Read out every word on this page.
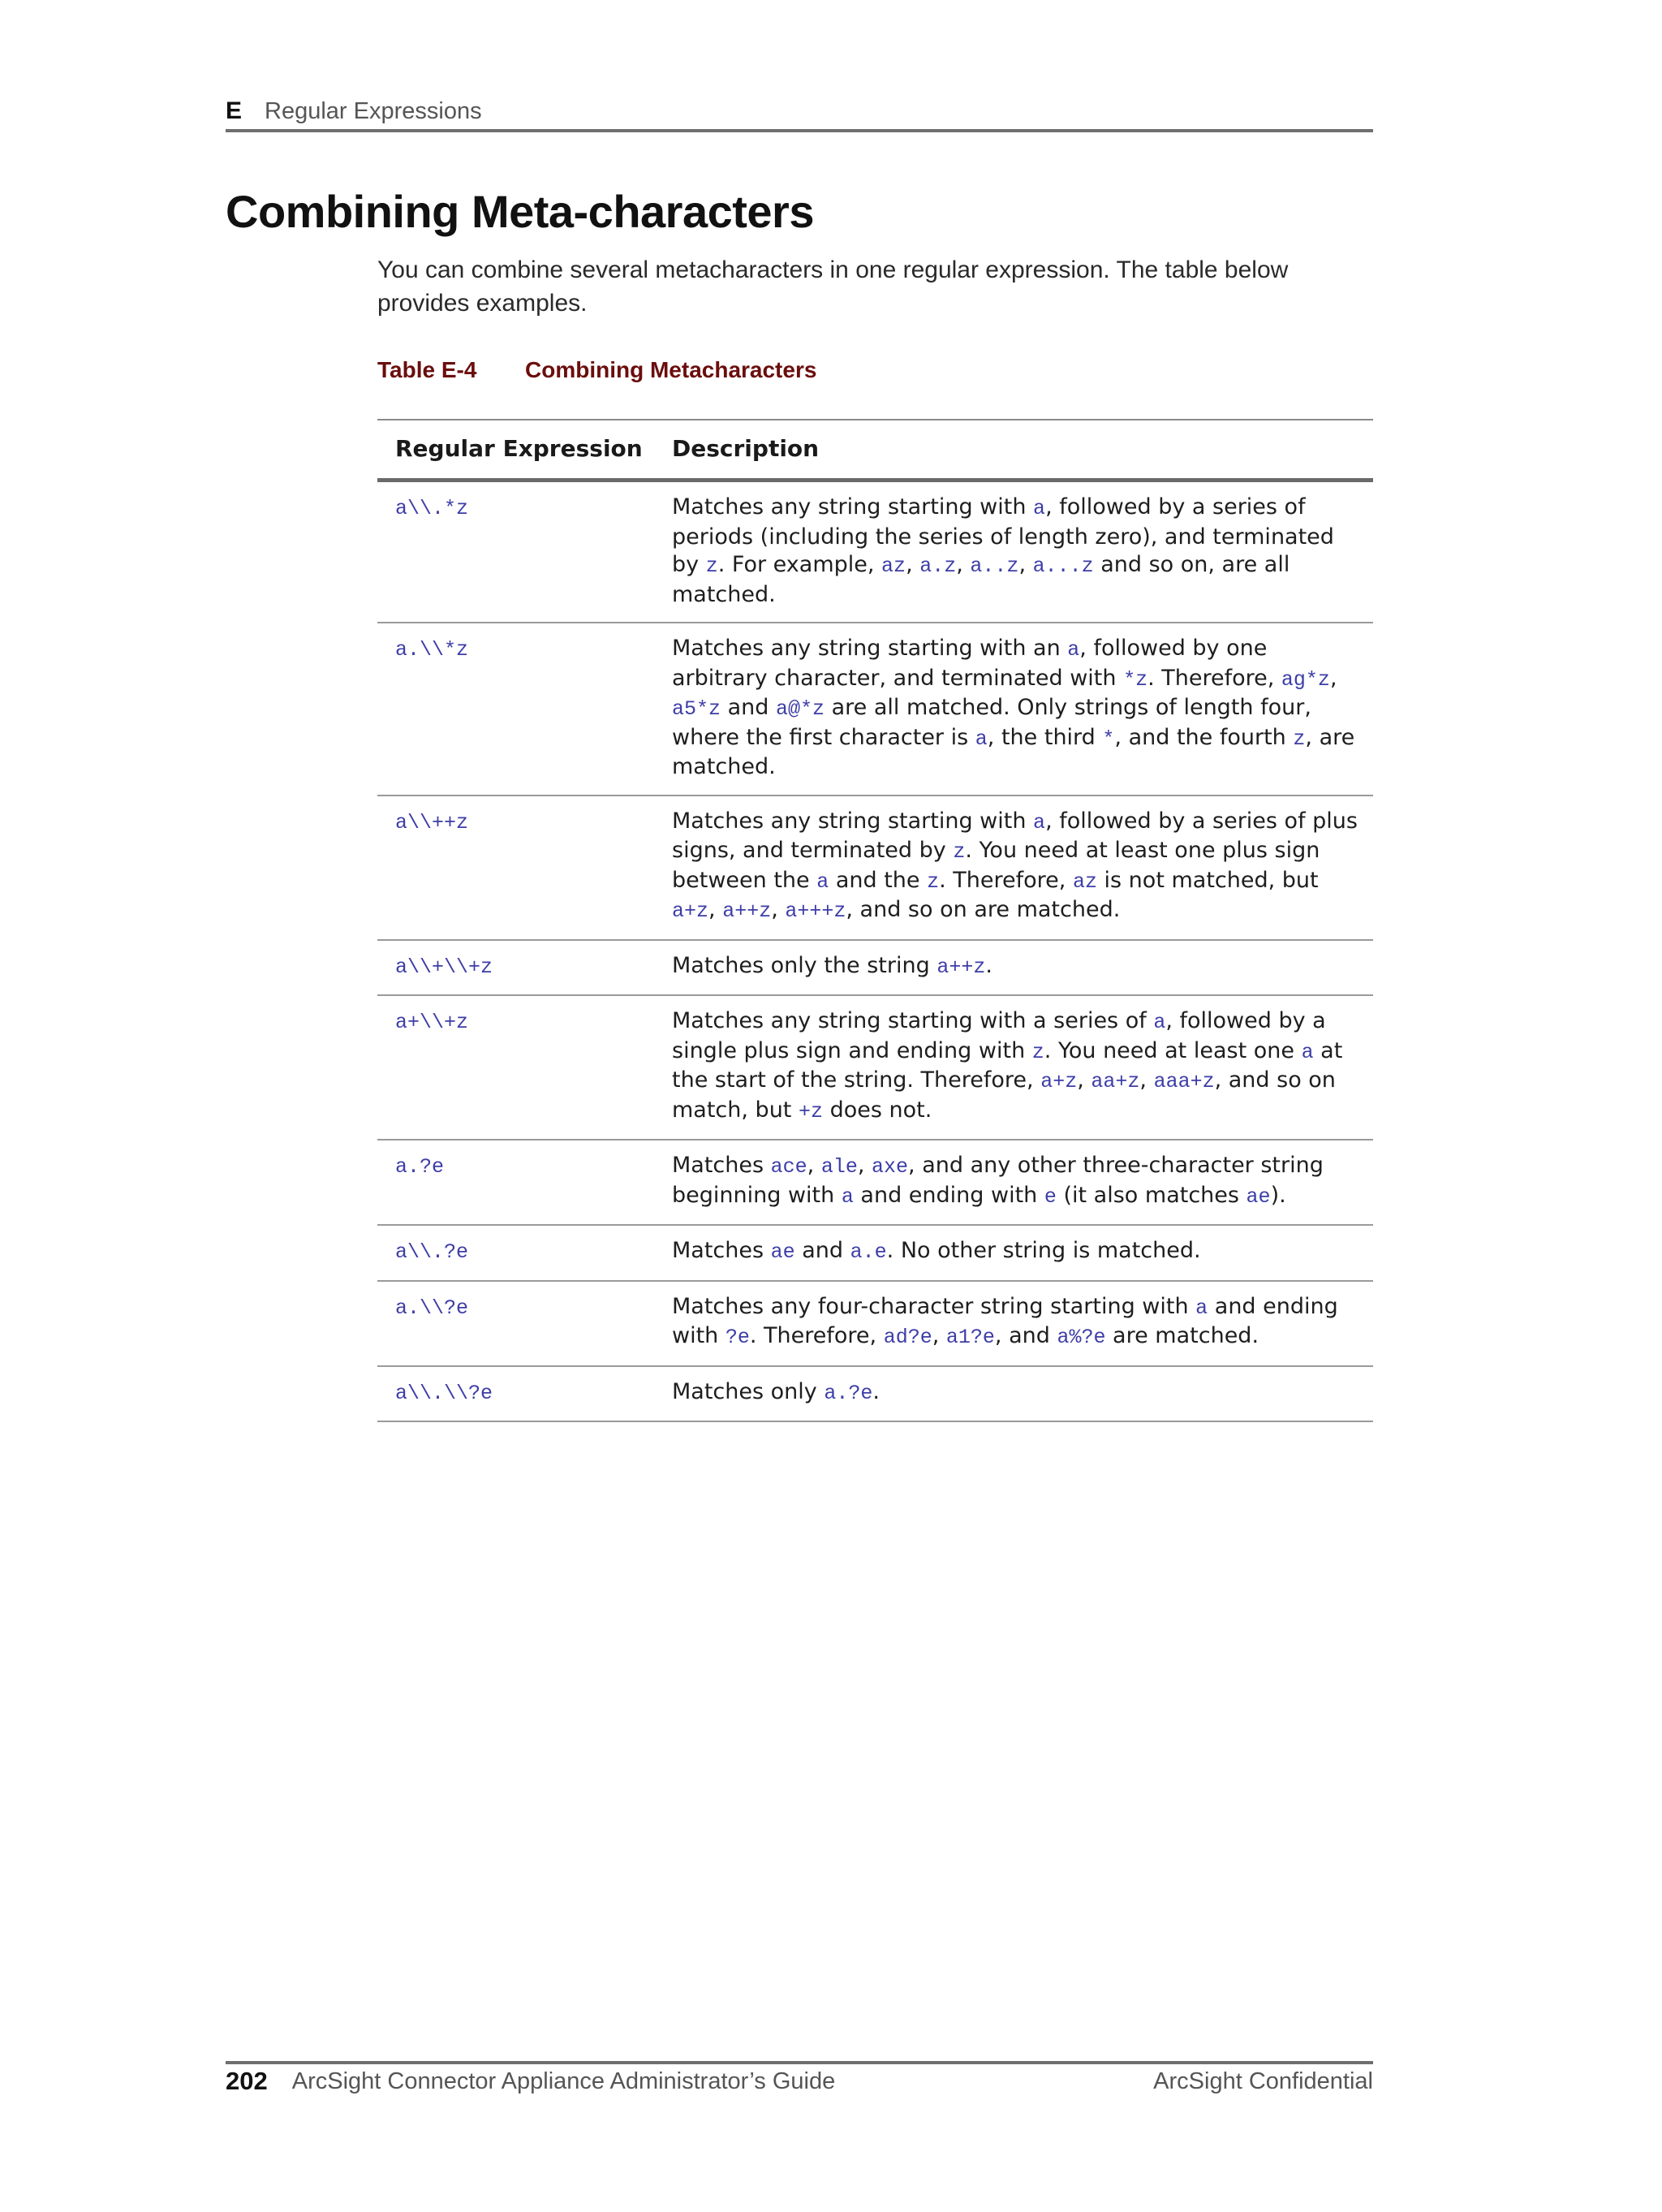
E Regular Expressions
Combining Meta-characters

You can combine several metacharacters in one regular expression. The table below provides examples.

Table E-4 Combining Metacharacters
Regular Expression	Description
a\\.*z	Matches any string starting with a, followed by a series of periods (including the series of length zero), and terminated by z. For example, az, a.z, a..z, a...z and so on, are all matched.
a.\\*z	Matches any string starting with an a, followed by one arbitrary character, and terminated with *z. Therefore, ag*z, a5*z and a@*z are all matched. Only strings of length four, where the first character is a, the third *, and the fourth z, are matched.
a\\++z	Matches any string starting with a, followed by a series of plus signs, and terminated by z. You need at least one plus sign between the a and the z. Therefore, az is not matched, but a+z, a++z, a+++z, and so on are matched.
a\\+\\+z	Matches only the string a++z.
a+\\+z	Matches any string starting with a series of a, followed by a single plus sign and ending with z. You need at least one a at the start of the string. Therefore, a+z, aa+z, aaa+z, and so on match, but +z does not.
a.?e	Matches ace, ale, axe, and any other three-character string beginning with a and ending with e (it also matches ae).
a\\.?e	Matches ae and a.e. No other string is matched.
a.\\?e	Matches any four-character string starting with a and ending with ?e. Therefore, ad?e, a1?e, and a%?e are matched.
a\\.\\?e	Matches only a.?e.
202 ArcSight Connector Appliance Administrator’s Guide	ArcSight Confidential
